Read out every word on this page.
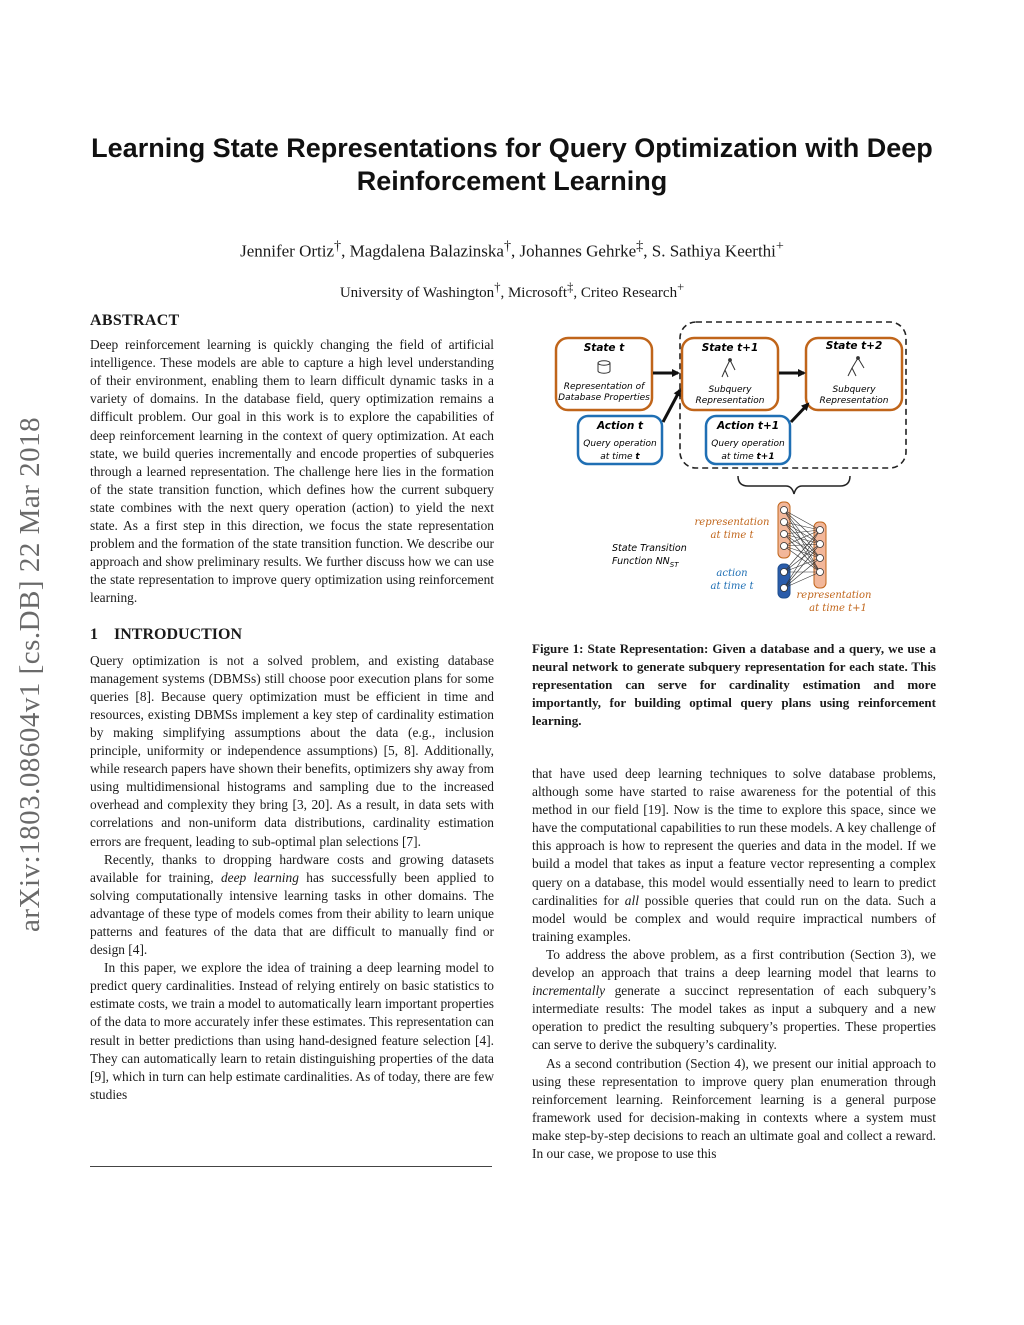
Learning State Representations for Query Optimization with Deep Reinforcement Learning
Jennifer Ortiz†, Magdalena Balazinska†, Johannes Gehrke‡, S. Sathiya Keerthi+
University of Washington†, Microsoft‡, Criteo Research+
arXiv:1803.08604v1 [cs.DB] 22 Mar 2018
ABSTRACT

Deep reinforcement learning is quickly changing the field of artificial intelligence. These models are able to capture a high level understanding of their environment, enabling them to learn difficult dynamic tasks in a variety of domains. In the database field, query optimization remains a difficult problem. Our goal in this work is to explore the capabilities of deep reinforcement learning in the context of query optimization. At each state, we build queries incrementally and encode properties of subqueries through a learned representation. The challenge here lies in the formation of the state transition function, which defines how the current subquery state combines with the next query operation (action) to yield the next state. As a first step in this direction, we focus the state representation problem and the formation of the state transition function. We describe our approach and show preliminary results. We further discuss how we can use the state representation to improve query optimization using reinforcement learning.

1 INTRODUCTION

Query optimization is not a solved problem, and existing database management systems (DBMSs) still choose poor execution plans for some queries [8]. Because query optimization must be efficient in time and resources, existing DBMSs implement a key step of cardinality estimation by making simplifying assumptions about the data (e.g., inclusion principle, uniformity or independence assumptions) [5, 8]. Additionally, while research papers have shown their benefits, optimizers shy away from using multidimensional histograms and sampling due to the increased overhead and complexity they bring [3, 20]. As a result, in data sets with correlations and non-uniform data distributions, cardinality estimation errors are frequent, leading to sub-optimal plan selections [7].

Recently, thanks to dropping hardware costs and growing datasets available for training, deep learning has successfully been applied to solving computationally intensive learning tasks in other domains. The advantage of these type of models comes from their ability to learn unique patterns and features of the data that are difficult to manually find or design [4].

In this paper, we explore the idea of training a deep learning model to predict query cardinalities. Instead of relying entirely on basic statistics to estimate costs, we train a model to automatically learn important properties of the data to more accurately infer these estimates. This representation can result in better predictions than using hand-designed feature selection [4]. They can automatically learn to retain distinguishing properties of the data [9], which in turn can help estimate cardinalities. As of today, there are few studies

State t
Representation of
Database Properties
State t+1
Subquery
Representation
State t+2
Subquery
Representation
Action t
Query operation
at time t
Action t+1
Query operation
at time t+1
representation
at time t
action
at time t
representation
at time t+1
State Transition
Function $NN_{ST}$
Figure 1: State Representation: Given a database and a query, we use a neural network to generate subquery representation for each state. This representation can serve for cardinality estimation and more importantly, for building optimal query plans using reinforcement learning.

that have used deep learning techniques to solve database problems, although some have started to raise awareness for the potential of this method in our field [19]. Now is the time to explore this space, since we have the computational capabilities to run these models. A key challenge of this approach is how to represent the queries and data in the model. If we build a model that takes as input a feature vector representing a complex query on a database, this model would essentially need to learn to predict cardinalities for all possible queries that could run on the data. Such a model would be complex and would require impractical numbers of training examples.

To address the above problem, as a first contribution (Section 3), we develop an approach that trains a deep learning model that learns to incrementally generate a succinct representation of each subquery’s intermediate results: The model takes as input a subquery and a new operation to predict the resulting subquery’s properties. These properties can serve to derive the subquery’s cardinality.

As a second contribution (Section 4), we present our initial approach to using these representation to improve query plan enumeration through reinforcement learning. Reinforcement learning is a general purpose framework used for decision-making in contexts where a system must make step-by-step decisions to reach an ultimate goal and collect a reward. In our case, we propose to use this
